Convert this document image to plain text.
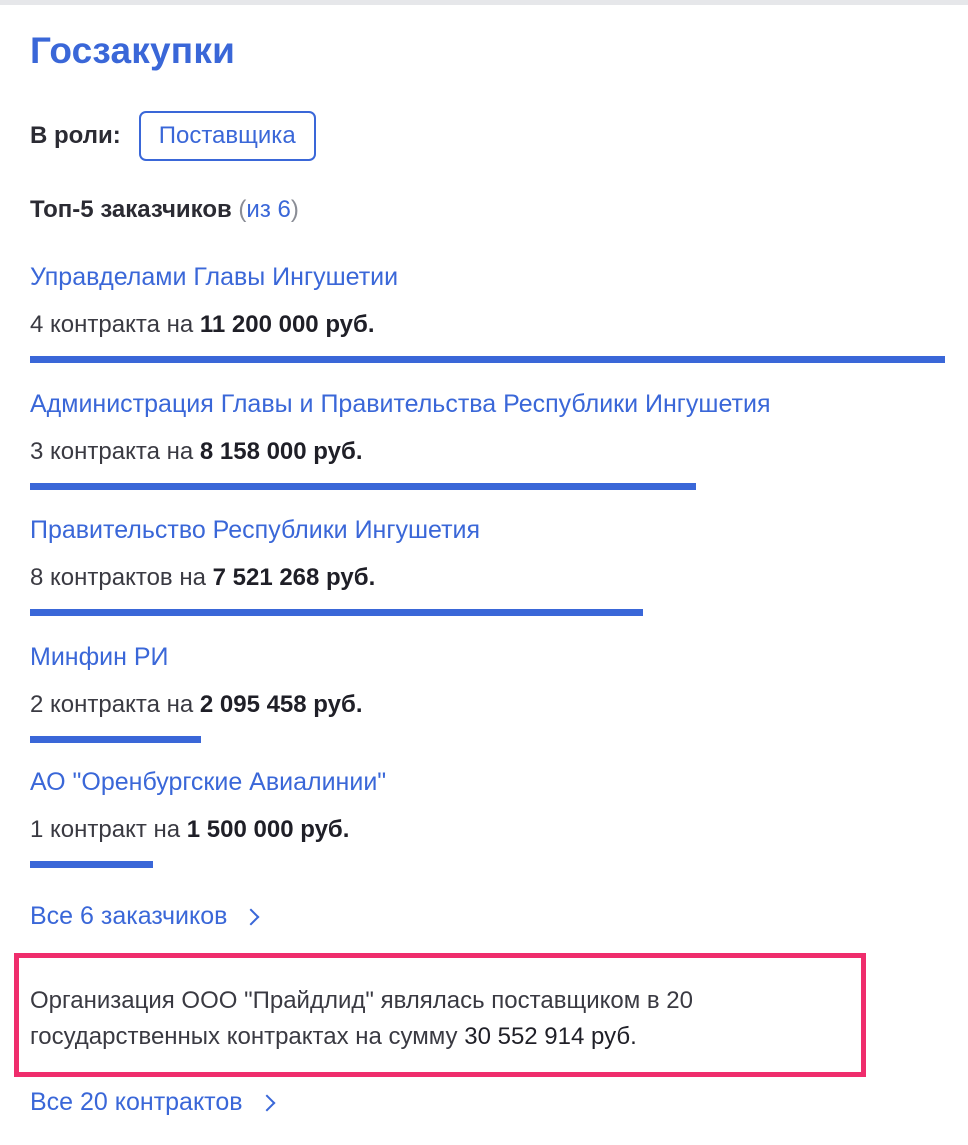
Госзакупки
В роли:	Поставщика
Топ-5 заказчиков (из 6)
Управделами Главы Ингушетии
4 контракта на 11 200 000 руб.
Администрация Главы и Правительства Республики Ингушетия
3 контракта на 8 158 000 руб.
Правительство Республики Ингушетия
8 контрактов на 7 521 268 руб.
Минфин РИ
2 контракта на 2 095 458 руб.
АО "Оренбургские Авиалинии"
1 контракт на 1 500 000 руб.
Все 6 заказчиков
Организация ООО "Прайдлид" являлась поставщиком в 20 государственных контрактах на сумму 30 552 914 руб.
Все 20 контрактов
